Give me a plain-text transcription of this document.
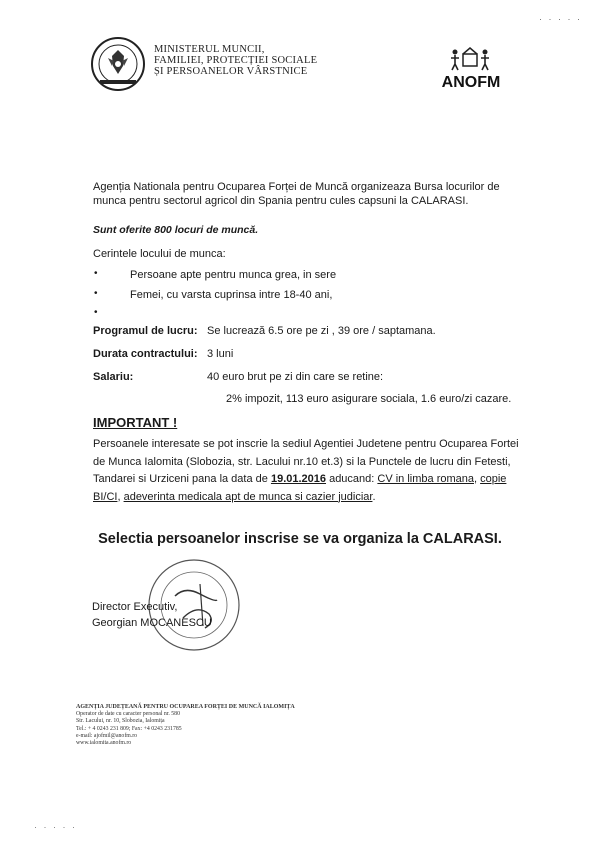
· · · · ·
· · · · ·
MINISTERUL MUNCII,
FAMILIEI, PROTECȚIEI SOCIALE
ȘI PERSOANELOR VÂRSTNICE
ANOFM
Agenția Nationala pentru Ocuparea Forței de Muncă organizeaza Bursa locurilor de munca pentru sectorul agricol din Spania pentru cules capsuni la CALARASI.
Sunt oferite 800 locuri de muncă.
Cerintele locului de munca:
•	Persoane apte pentru munca grea, in sere
•	Femei, cu varsta cuprinsa intre 18-40 ani,
•
Programul de lucru: Se lucrează 6.5 ore pe zi , 39 ore / saptamana.
Durata contractului: 3 luni
Salariu:	40 euro brut pe zi din care se retine:
2% impozit, 113 euro asigurare sociala, 1.6 euro/zi cazare.
IMPORTANT !
Persoanele interesate se pot inscrie la sediul Agentiei Judetene pentru Ocuparea Fortei de Munca Ialomita (Slobozia, str. Lacului nr.10 et.3) si la Punctele de lucru din Fetesti, Tandarei si Urziceni pana la data de 19.01.2016 aducand: CV in limba romana, copie BI/CI, adeverinta medicala apt de munca si cazier judiciar.
Selectia persoanelor inscrise se va organiza la CALARASI.
Director Executiv,
Georgian MOCANESCU
AGENȚIA JUDEȚEANĂ PENTRU OCUPAREA FORȚEI DE MUNCĂ IALOMIȚA
Operator de date cu caracter personal nr. 580
Str. Lacului, nr. 10, Slobozia, Ialomița
Tel.: + 4 0243 231 809; Fax: +4 0243 231785
e-mail: ajofmil@anofm.ro
www.ialomita.anofm.ro
